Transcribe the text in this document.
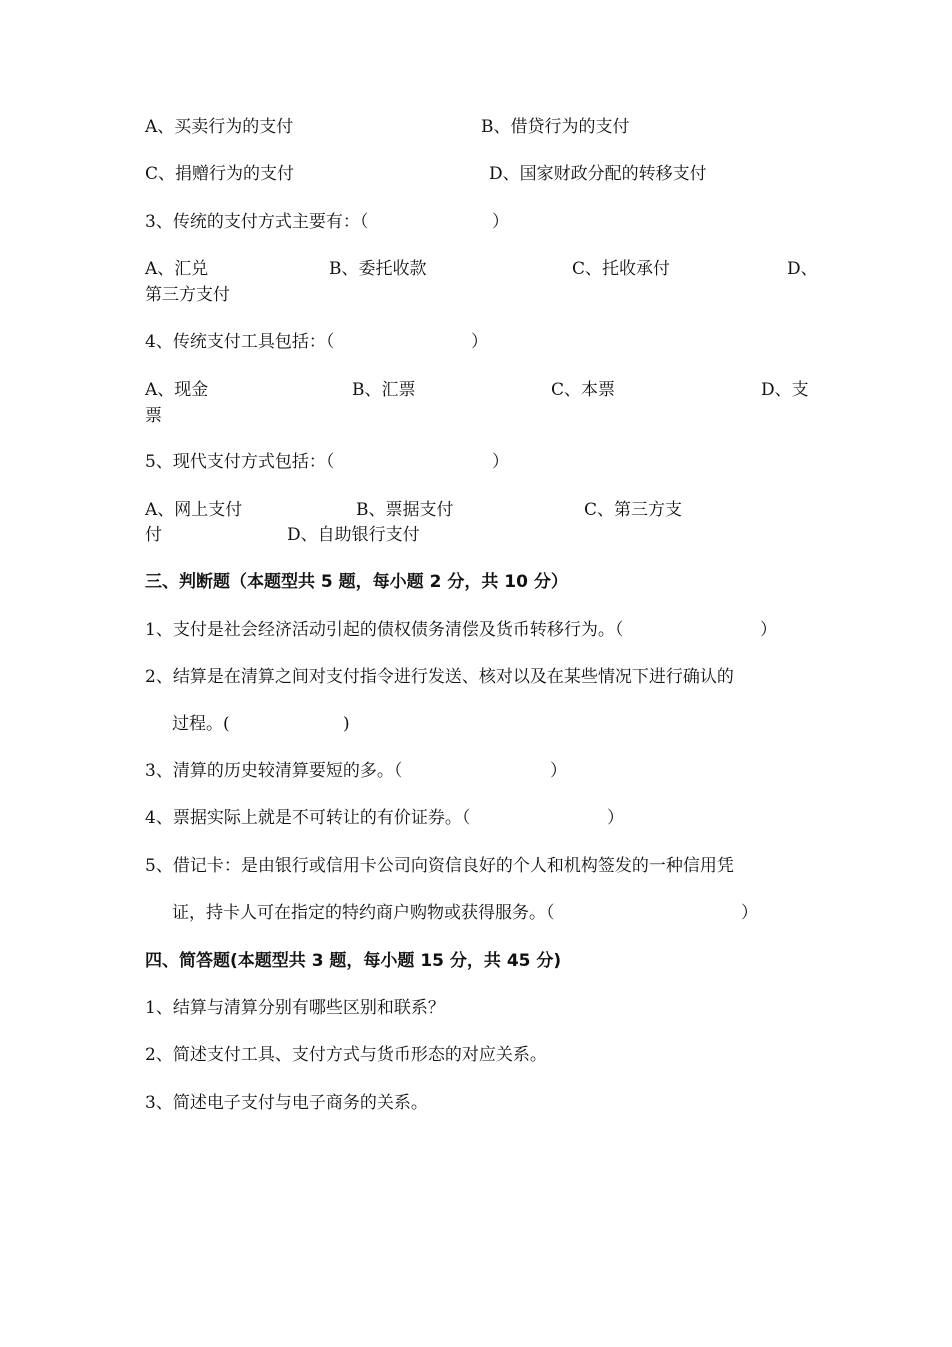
A、买卖行为的支付	B、借贷行为的支付
C、捐赠行为的支付	D、国家财政分配的转移支付
3、传统的支付方式主要有：（	）
A、汇兑	B、委托收款	C、托收承付	D、
第三方支付
4、传统支付工具包括：（	）
A、现金	B、汇票	C、本票	D、支
票
5、现代支付方式包括：（	）
A、网上支付	B、票据支付	C、第三方支
付	D、自助银行支付
三、判断题（本题型共 5 题，每小题 2 分，共 10 分）
1、支付是社会经济活动引起的债权债务清偿及货币转移行为。（	）
2、结算是在清算之间对支付指令进行发送、核对以及在某些情况下进行确认的
过程。(	)
3、清算的历史较清算要短的多。（	）
4、票据实际上就是不可转让的有价证券。（	）
5、借记卡：是由银行或信用卡公司向资信良好的个人和机构签发的一种信用凭
证，持卡人可在指定的特约商户购物或获得服务。（	）
四、简答题(本题型共 3 题，每小题 15 分，共 45 分)
1、结算与清算分别有哪些区别和联系？
2、简述支付工具、支付方式与货币形态的对应关系。
3、简述电子支付与电子商务的关系。
